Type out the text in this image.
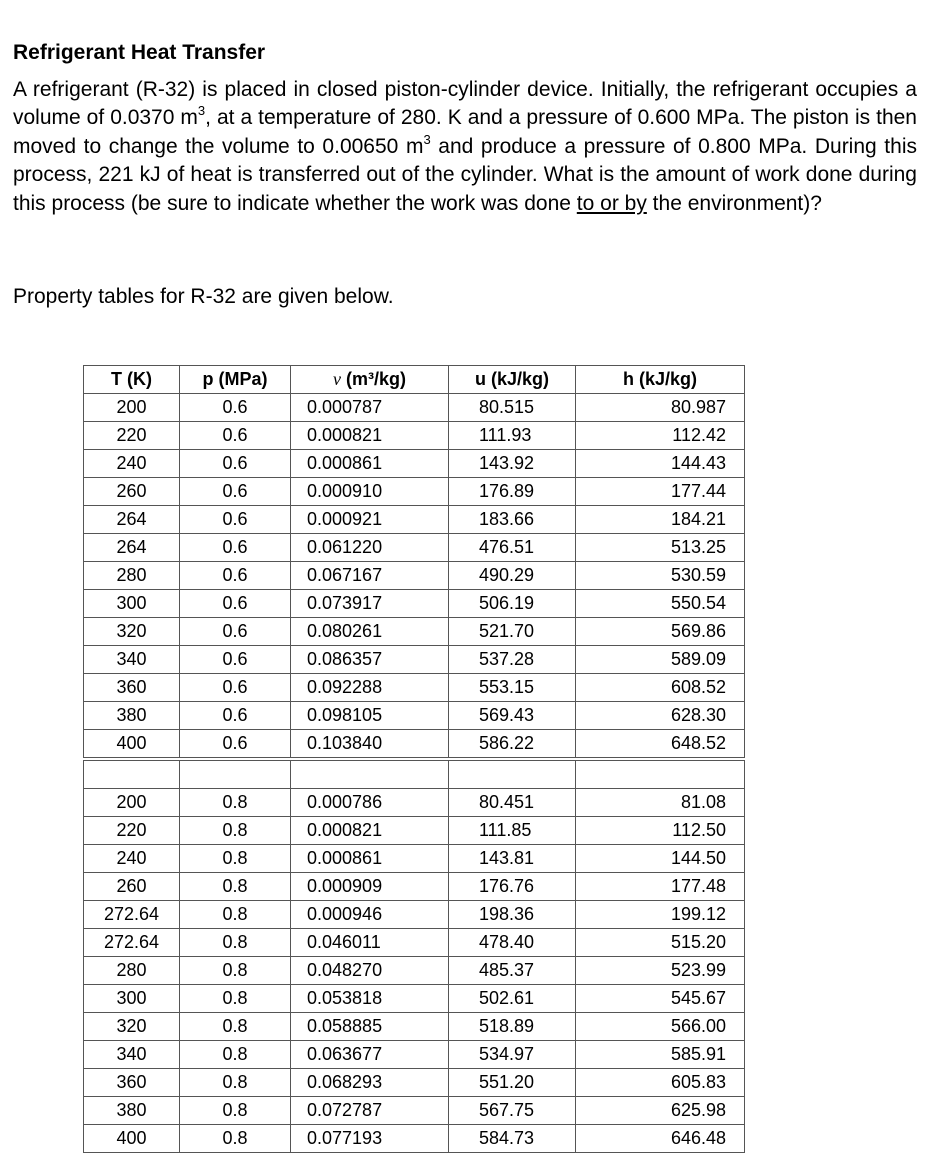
Refrigerant Heat Transfer
A refrigerant (R-32) is placed in closed piston-cylinder device. Initially, the refrigerant occupies a volume of 0.0370 $m^3$, at a temperature of 280. K and a pressure of 0.600 MPa. The piston is then moved to change the volume to 0.00650 $m^3$ and produce a pressure of 0.800 MPa. During this process, 221 kJ of heat is transferred out of the cylinder. What is the amount of work done during this process (be sure to indicate whether the work was done to or by the environment)?
Property tables for R-32 are given below.
T (K)	p (MPa)	v (m³/kg)	u (kJ/kg)	h (kJ/kg)
200	0.6	0.000787	80.515	80.987
220	0.6	0.000821	111.93	112.42
240	0.6	0.000861	143.92	144.43
260	0.6	0.000910	176.89	177.44
264	0.6	0.000921	183.66	184.21
264	0.6	0.061220	476.51	513.25
280	0.6	0.067167	490.29	530.59
300	0.6	0.073917	506.19	550.54
320	0.6	0.080261	521.70	569.86
340	0.6	0.086357	537.28	589.09
360	0.6	0.092288	553.15	608.52
380	0.6	0.098105	569.43	628.30
400	0.6	0.103840	586.22	648.52

200	0.8	0.000786	80.451	81.08
220	0.8	0.000821	111.85	112.50
240	0.8	0.000861	143.81	144.50
260	0.8	0.000909	176.76	177.48
272.64	0.8	0.000946	198.36	199.12
272.64	0.8	0.046011	478.40	515.20
280	0.8	0.048270	485.37	523.99
300	0.8	0.053818	502.61	545.67
320	0.8	0.058885	518.89	566.00
340	0.8	0.063677	534.97	585.91
360	0.8	0.068293	551.20	605.83
380	0.8	0.072787	567.75	625.98
400	0.8	0.077193	584.73	646.48
